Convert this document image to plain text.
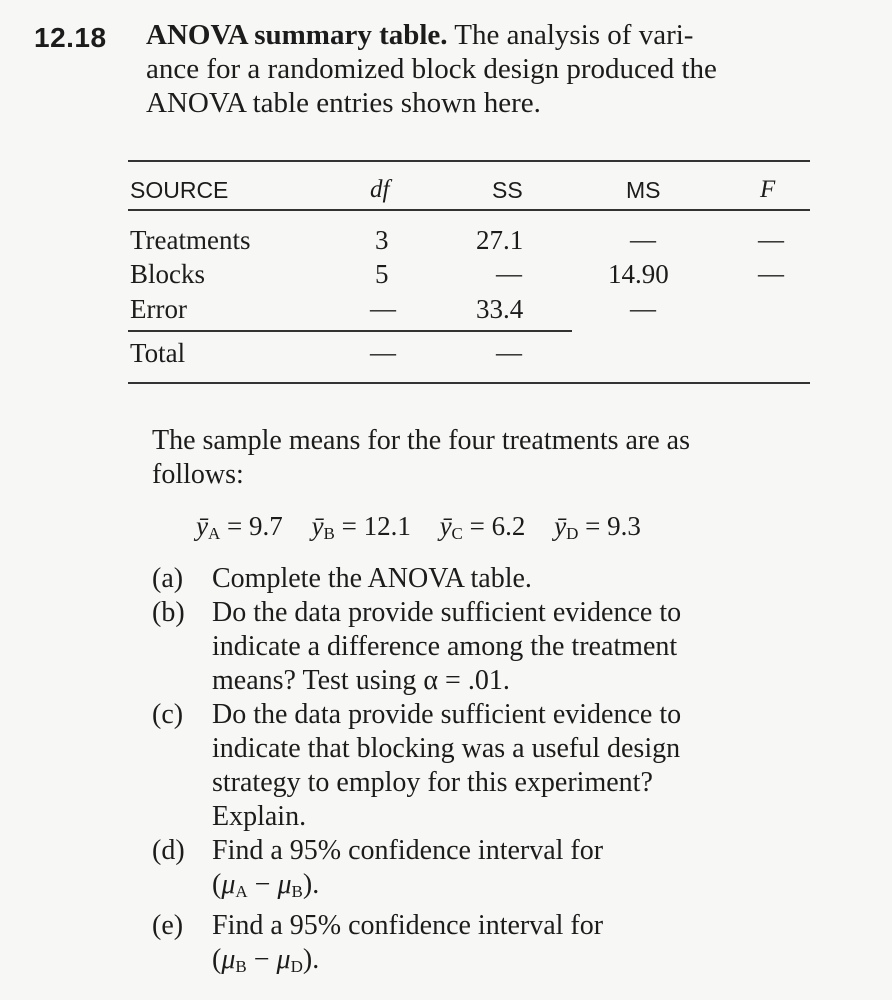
12.18 ANOVA summary table. The analysis of vari-
ance for a randomized block design produced the
ANOVA table entries shown here.
SOURCE	df	SS	MS	F
Treatments	3	27.1	—	—
Blocks	5	—	14.90	—
Error	—	33.4	—
Total	—	—
The sample means for the four treatments are as
follows:
$ȳ_A = 9.7$ $ȳ_B = 12.1$ $ȳ_C = 6.2$ $ȳ_D = 9.3$
(a)	Complete the ANOVA table.
(b) Do the data provide sufficient evidence to
indicate a difference among the treatment
means? Test using α = .01.
(c)	Do the data provide sufficient evidence to
indicate that blocking was a useful design
strategy to employ for this experiment?
Explain.
(d) Find a 95% confidence interval for
$(\mu_A - \mu_B)$.
(e)	Find a 95% confidence interval for
$(\mu_B - \mu_D)$.
